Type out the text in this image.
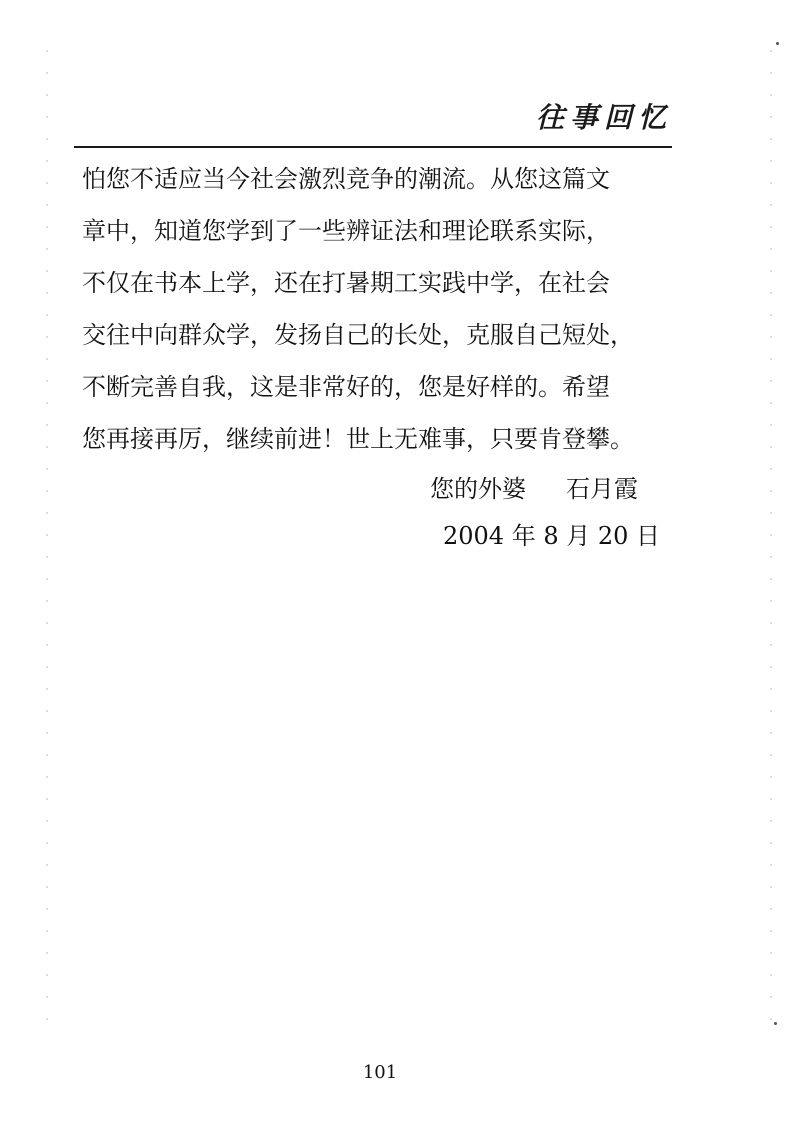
往事回忆
怕您不适应当今社会激烈竞争的潮流。从您这篇文
章中，知道您学到了一些辨证法和理论联系实际，
不仅在书本上学，还在打暑期工实践中学，在社会
交往中向群众学，发扬自己的长处，克服自己短处，
不断完善自我，这是非常好的，您是好样的。希望
您再接再厉，继续前进！世上无难事，只要肯登攀。
您的外婆 石月霞
2004 年 8 月 20 日
101
